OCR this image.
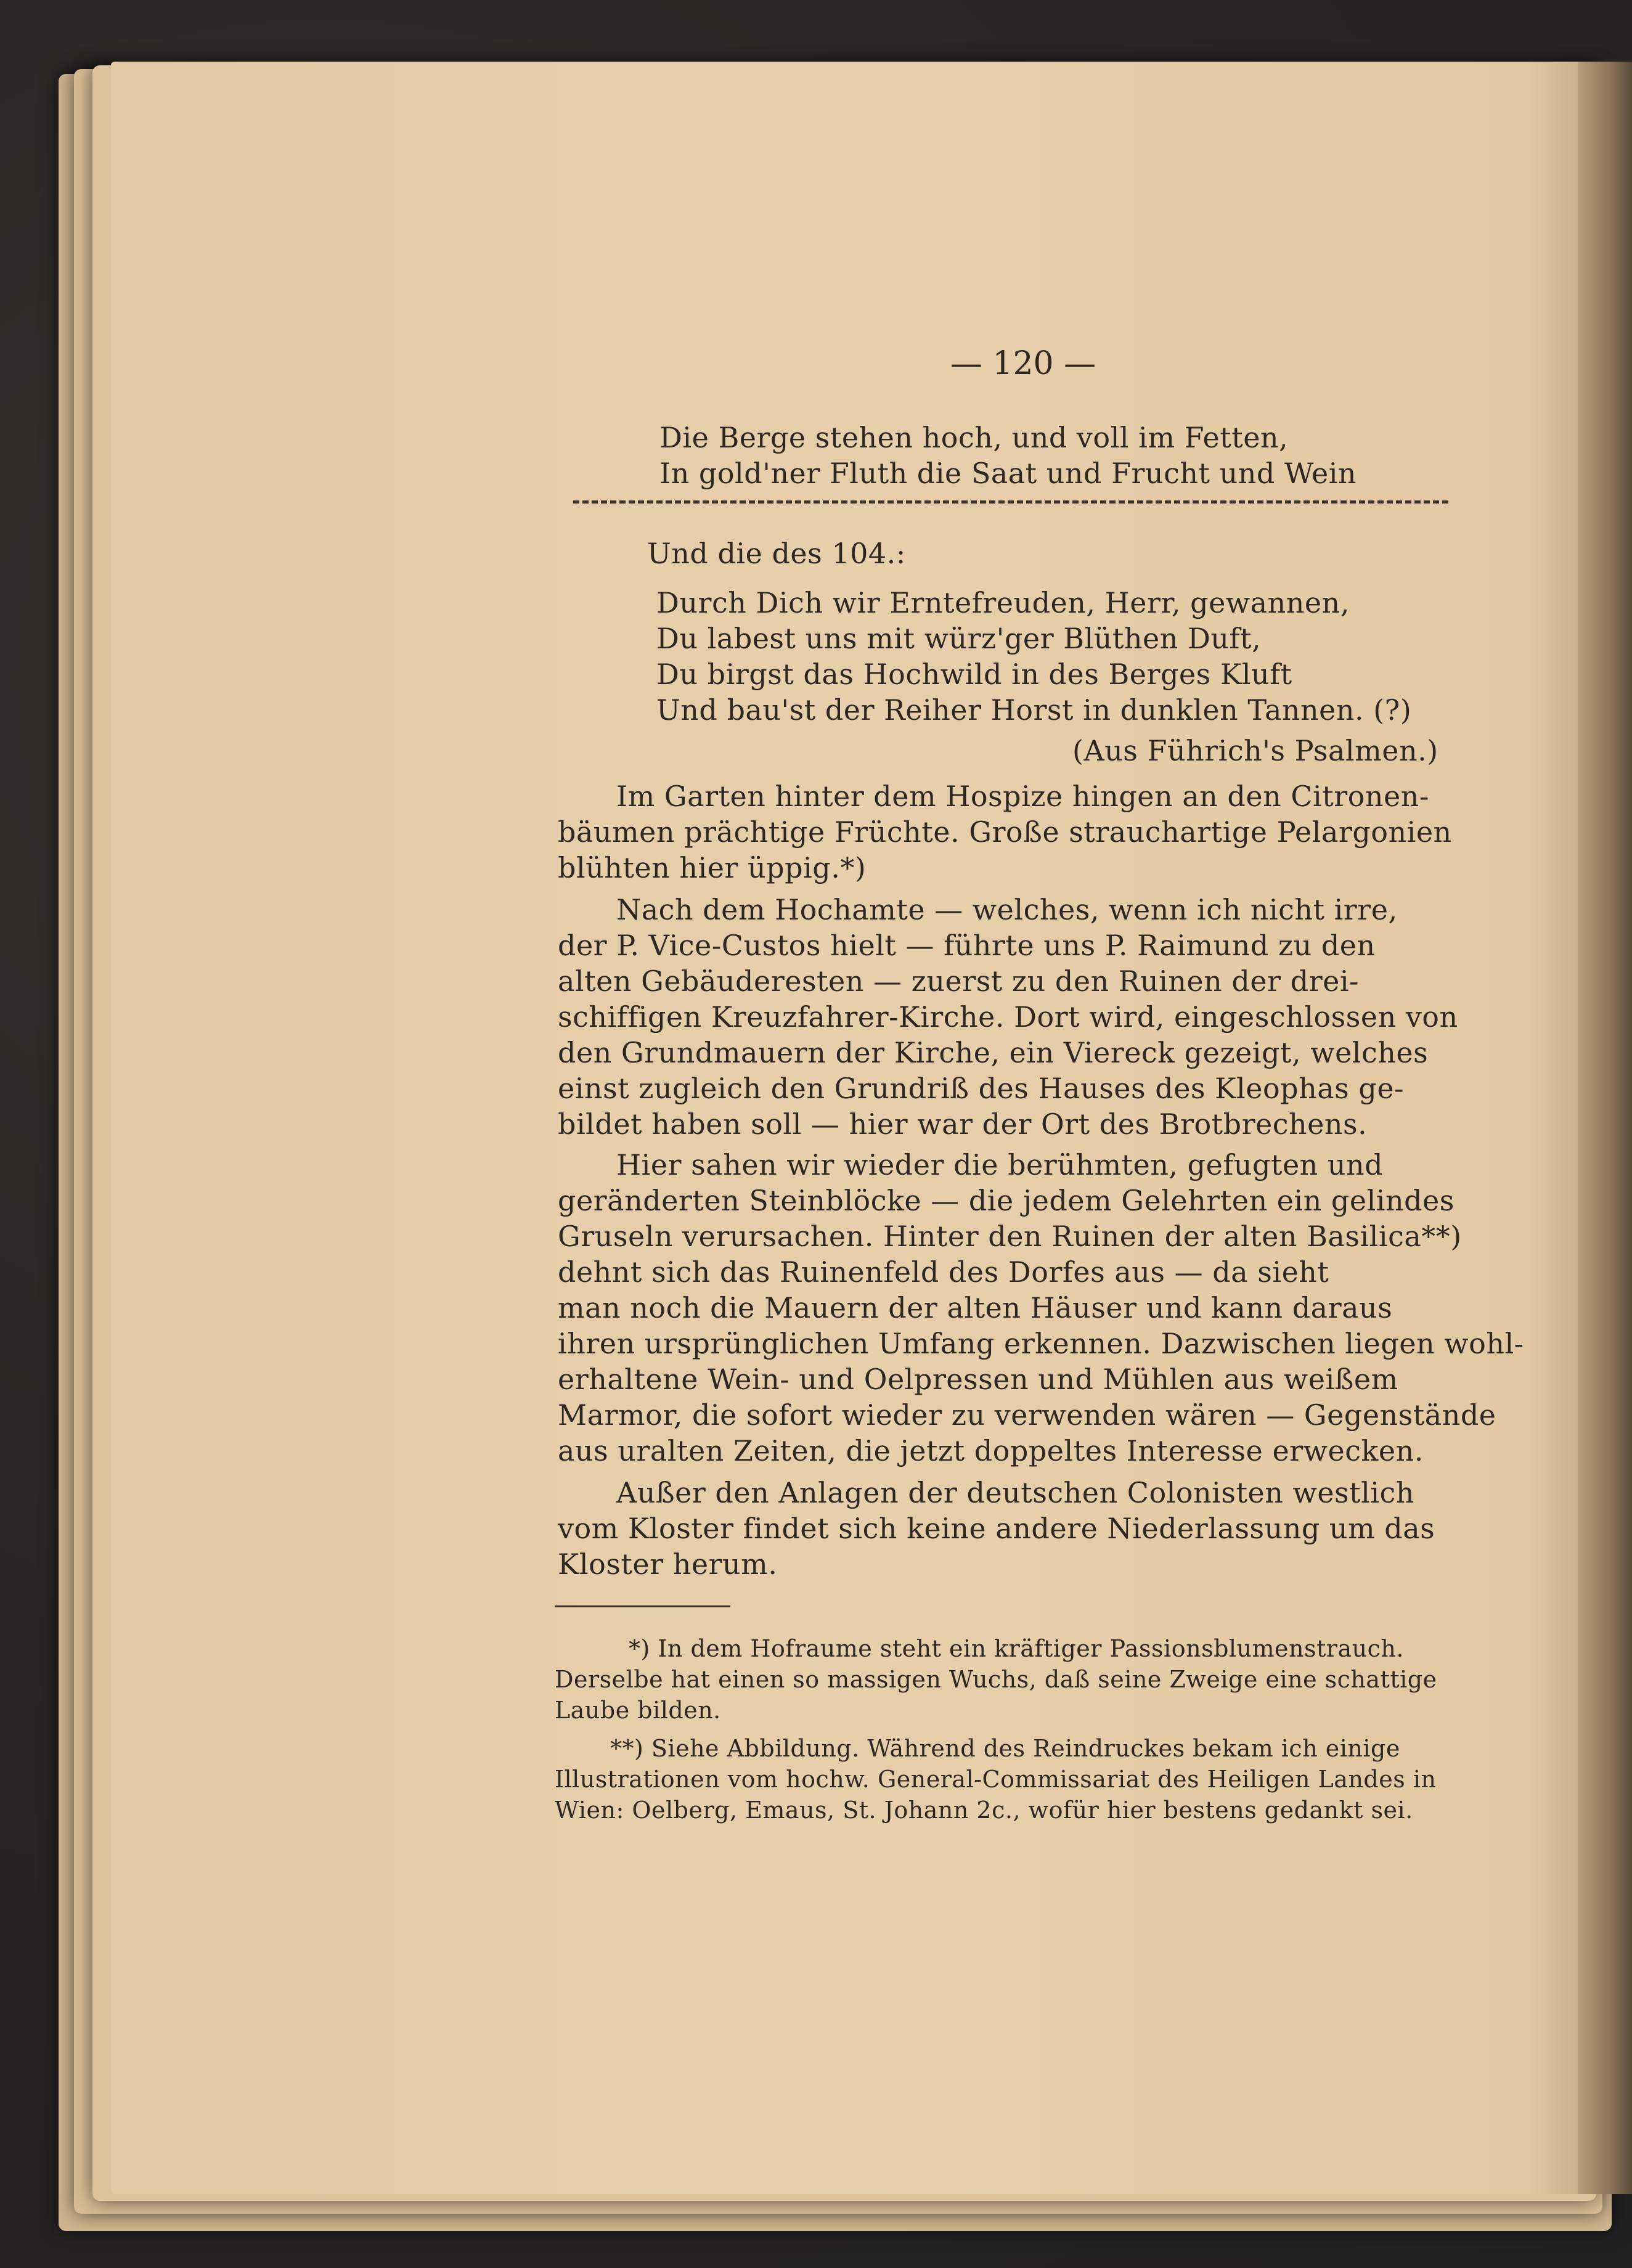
— 120 —
Die Berge stehen hoch, und voll im Fetten,
In gold'ner Fluth die Saat und Frucht und Wein
Und die des 104.:
Durch Dich wir Erntefreuden, Herr, gewannen,
Du labest uns mit würz'ger Blüthen Duft,
Du birgst das Hochwild in des Berges Kluft
Und bau'st der Reiher Horst in dunklen Tannen. (?)
(Aus Führich's Psalmen.)
Im Garten hinter dem Hospize hingen an den Citronen-
bäumen prächtige Früchte. Große strauchartige Pelargonien
blühten hier üppig.*)
Nach dem Hochamte — welches, wenn ich nicht irre,
der P. Vice-Custos hielt — führte uns P. Raimund zu den
alten Gebäuderesten — zuerst zu den Ruinen der drei-
schiffigen Kreuzfahrer-Kirche. Dort wird, eingeschlossen von
den Grundmauern der Kirche, ein Viereck gezeigt, welches
einst zugleich den Grundriß des Hauses des Kleophas ge-
bildet haben soll — hier war der Ort des Brotbrechens.
Hier sahen wir wieder die berühmten, gefugten und
geränderten Steinblöcke — die jedem Gelehrten ein gelindes
Gruseln verursachen. Hinter den Ruinen der alten Basilica**)
dehnt sich das Ruinenfeld des Dorfes aus — da sieht
man noch die Mauern der alten Häuser und kann daraus
ihren ursprünglichen Umfang erkennen. Dazwischen liegen wohl-
erhaltene Wein- und Oelpressen und Mühlen aus weißem
Marmor, die sofort wieder zu verwenden wären — Gegenstände
aus uralten Zeiten, die jetzt doppeltes Interesse erwecken.
Außer den Anlagen der deutschen Colonisten westlich
vom Kloster findet sich keine andere Niederlassung um das
Kloster herum.
*) In dem Hofraume steht ein kräftiger Passionsblumenstrauch.
Derselbe hat einen so massigen Wuchs, daß seine Zweige eine schattige
Laube bilden.
**) Siehe Abbildung. Während des Reindruckes bekam ich einige
Illustrationen vom hochw. General-Commissariat des Heiligen Landes in
Wien: Oelberg, Emaus, St. Johann 2c., wofür hier bestens gedankt sei.
